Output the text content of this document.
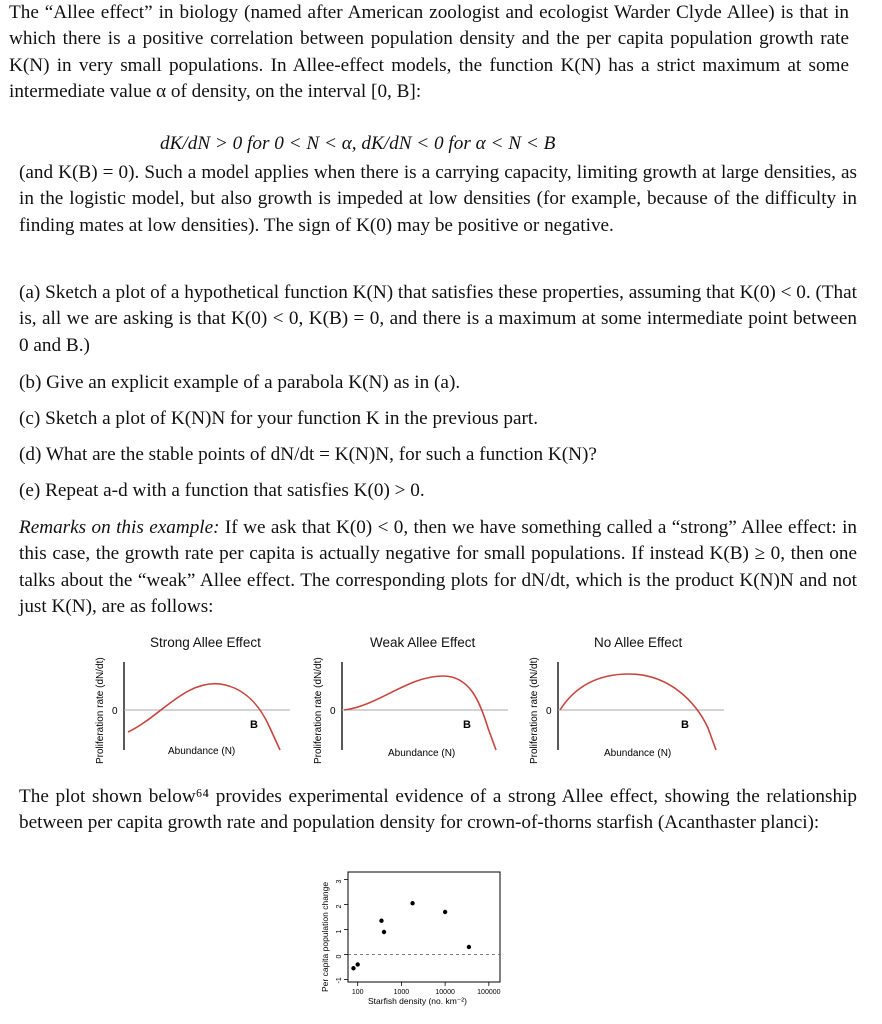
The “Allee effect” in biology (named after American zoologist and ecologist Warder Clyde Allee) is that in which there is a positive correlation between population density and the per capita population growth rate K(N) in very small populations. In Allee-effect models, the function K(N) has a strict maximum at some intermediate value α of density, on the interval [0, B]:

dK/dN > 0 for 0 < N < α, dK/dN < 0 for α < N < B

(and K(B) = 0). Such a model applies when there is a carrying capacity, limiting growth at large densities, as in the logistic model, but also growth is impeded at low densities (for example, because of the difficulty in finding mates at low densities). The sign of K(0) may be positive or negative.

(a) Sketch a plot of a hypothetical function K(N) that satisfies these properties, assuming that K(0) < 0. (That is, all we are asking is that K(0) < 0, K(B) = 0, and there is a maximum at some intermediate point between 0 and B.)

(b) Give an explicit example of a parabola K(N) as in (a).

(c) Sketch a plot of K(N)N for your function K in the previous part.

(d) What are the stable points of dN/dt = K(N)N, for such a function K(N)?

(e) Repeat a-d with a function that satisfies K(0) > 0.

Remarks on this example: If we ask that K(0) < 0, then we have something called a “strong” Allee effect: in this case, the growth rate per capita is actually negative for small populations. If instead K(B) ≥ 0, then one talks about the “weak” Allee effect. The corresponding plots for dN/dt, which is the product K(N)N and not just K(N), are as follows:

Strong Allee Effect
0
B
Abundance (N)
Proliferation rate (dN/dt)
Weak Allee Effect
0
B
Abundance (N)
Proliferation rate (dN/dt)
No Allee Effect
0
B
Abundance (N)
Proliferation rate (dN/dt)

The plot shown below⁶⁴ provides experimental evidence of a strong Allee effect, showing the relationship between per capita growth rate and population density for crown-of-thorns starfish (Acanthaster planci):

Per capita population change
Starfish density (no. km⁻²)
-1
0
1
2
3
100	1000	10000	100000
